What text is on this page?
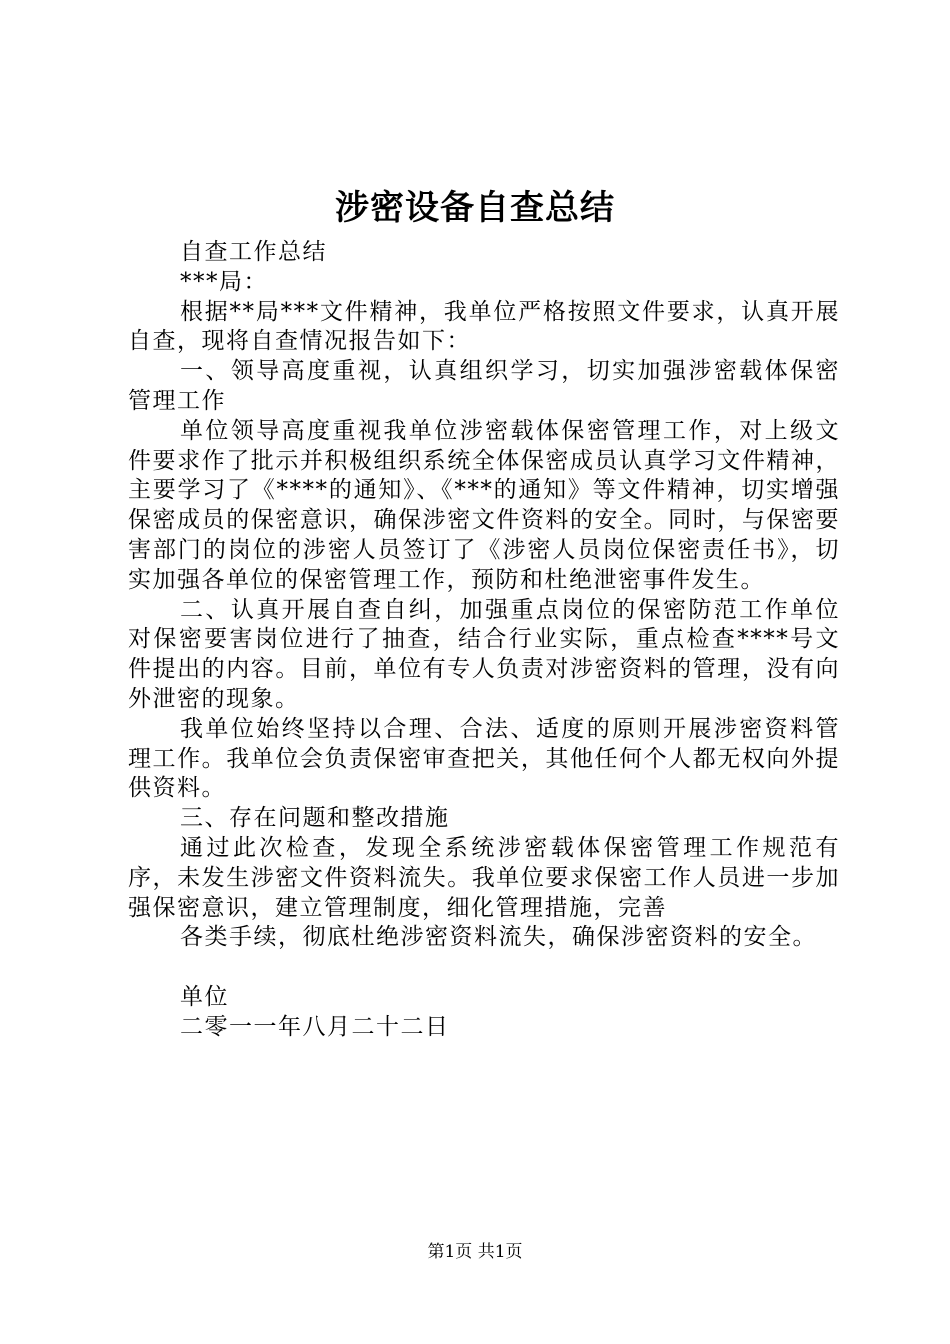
涉密设备自查总结

自查工作总结

***局：

根据**局***文件精神，我单位严格按照文件要求，认真开展自查，现将自查情况报告如下：

一、领导高度重视，认真组织学习，切实加强涉密载体保密管理工作

单位领导高度重视我单位涉密载体保密管理工作，对上级文件要求作了批示并积极组织系统全体保密成员认真学习文件精神，主要学习了《****的通知》、《***的通知》等文件精神，切实增强保密成员的保密意识，确保涉密文件资料的安全。同时，与保密要害部门的岗位的涉密人员签订了《涉密人员岗位保密责任书》，切实加强各单位的保密管理工作，预防和杜绝泄密事件发生。

二、认真开展自查自纠，加强重点岗位的保密防范工作单位对保密要害岗位进行了抽查，结合行业实际，重点检查****号文件提出的内容。目前，单位有专人负责对涉密资料的管理，没有向外泄密的现象。

我单位始终坚持以合理、合法、适度的原则开展涉密资料管理工作。我单位会负责保密审查把关，其他任何个人都无权向外提供资料。

三、存在问题和整改措施

通过此次检查，发现全系统涉密载体保密管理工作规范有序，未发生涉密文件资料流失。我单位要求保密工作人员进一步加强保密意识，建立管理制度，细化管理措施，完善

各类手续，彻底杜绝涉密资料流失，确保涉密资料的安全。

单位

二零一一年八月二十二日

第1页 共1页
